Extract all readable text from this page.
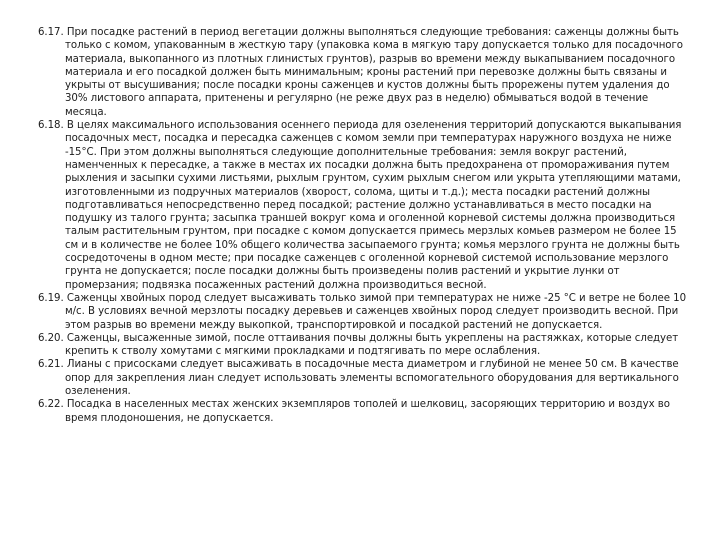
6.17. При посадке растений в период вегетации должны выполняться следующие требования: саженцы должны быть только с комом, упакованным в жесткую тару (упаковка кома в мягкую тару допускается только для посадочного материала, выкопанного из плотных глинистых грунтов), разрыв во времени между выкапыванием посадочного материала и его посадкой должен быть минимальным; кроны растений при перевозке должны быть связаны и укрыты от высушивания; после посадки кроны саженцев и кустов должны быть прорежены путем удаления до 30% листового аппарата, притенены и регулярно (не реже двух раз в неделю) обмываться водой в течение месяца.

6.18. В целях максимального использования осеннего периода для озеленения территорий допускаются выкапывания посадочных мест, посадка и пересадка саженцев с комом земли при температурах наружного воздуха не ниже -15°С. При этом должны выполняться следующие дополнительные требования: земля вокруг растений, наменченных к пересадке, а также в местах их посадки должна быть предохранена от промораживания путем рыхления и засыпки сухими листьями, рыхлым грунтом, сухим рыхлым снегом или укрыта утепляющими матами, изготовленными из подручных материалов (хворост, солома, щиты и т.д.); места посадки растений должны подготавливаться непосредственно перед посадкой; растение должно устанавливаться в место посадки на подушку из талого грунта; засыпка траншей вокруг кома и оголенной корневой системы должна производиться талым растительным грунтом, при посадке с комом допускается примесь мерзлых комьев размером не более 15 см и в количестве не более 10% общего количества засыпаемого грунта; комья мерзлого грунта не должны быть сосредоточены в одном месте; при посадке саженцев с оголенной корневой системой использование мерзлого грунта не допускается; после посадки должны быть произведены полив растений и укрытие лунки от промерзания; подвязка посаженных растений должна производиться весной.

6.19. Саженцы хвойных пород следует высаживать только зимой при температурах не ниже -25 °С и ветре не более 10 м/с. В условиях вечной мерзлоты посадку деревьев и саженцев хвойных пород следует производить весной. При этом разрыв во времени между выкопкой, транспортировкой и посадкой растений не допускается.

6.20. Саженцы, высаженные зимой, после оттаивания почвы должны быть укреплены на растяжках, которые следует крепить к стволу хомутами с мягкими прокладками и подтягивать по мере ослабления.

6.21. Лианы с присосками следует высаживать в посадочные места диаметром и глубиной не менее 50 см. В качестве опор для закрепления лиан следует использовать элементы вспомогательного оборудования для вертикального озеленения.

6.22. Посадка в населенных местах женских экземпляров тополей и шелковиц, засоряющих территорию и воздух во время плодоношения, не допускается.
